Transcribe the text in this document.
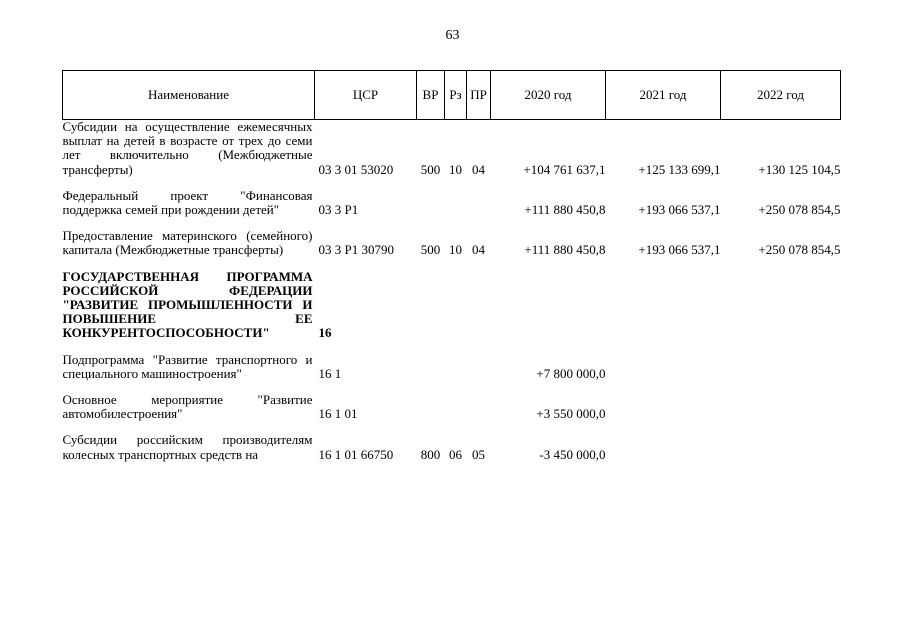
63
Наименование	ЦСР	ВР	Рз	ПР	2020 год	2021 год	2022 год
Субсидии на осуществление ежемесячных выплат на детей в возрасте от трех до семи лет включительно (Межбюджетные трансферты)	03 3 01 53020	500	10	04	+104 761 637,1	+125 133 699,1	+130 125 104,5

Федеральный проект "Финансовая поддержка семей при рождении детей"	03 3 P1				+111 880 450,8	+193 066 537,1	+250 078 854,5

Предоставление материнского (семейного) капитала (Межбюджетные трансферты)	03 3 P1 30790	500	10	04	+111 880 450,8	+193 066 537,1	+250 078 854,5

ГОСУДАРСТВЕННАЯ ПРОГРАММА РОССИЙСКОЙ ФЕДЕРАЦИИ "РАЗВИТИЕ ПРОМЫШЛЕННОСТИ И ПОВЫШЕНИЕ ЕЕ КОНКУРЕНТОСПОСОБНОСТИ"	16						

Подпрограмма "Развитие транспортного и специального машиностроения"	16 1				+7 800 000,0		

Основное мероприятие "Развитие автомобилестроения"	16 1 01				+3 550 000,0		

Субсидии российским производителям колесных транспортных средств на	16 1 01 66750	800	06	05	-3 450 000,0		
